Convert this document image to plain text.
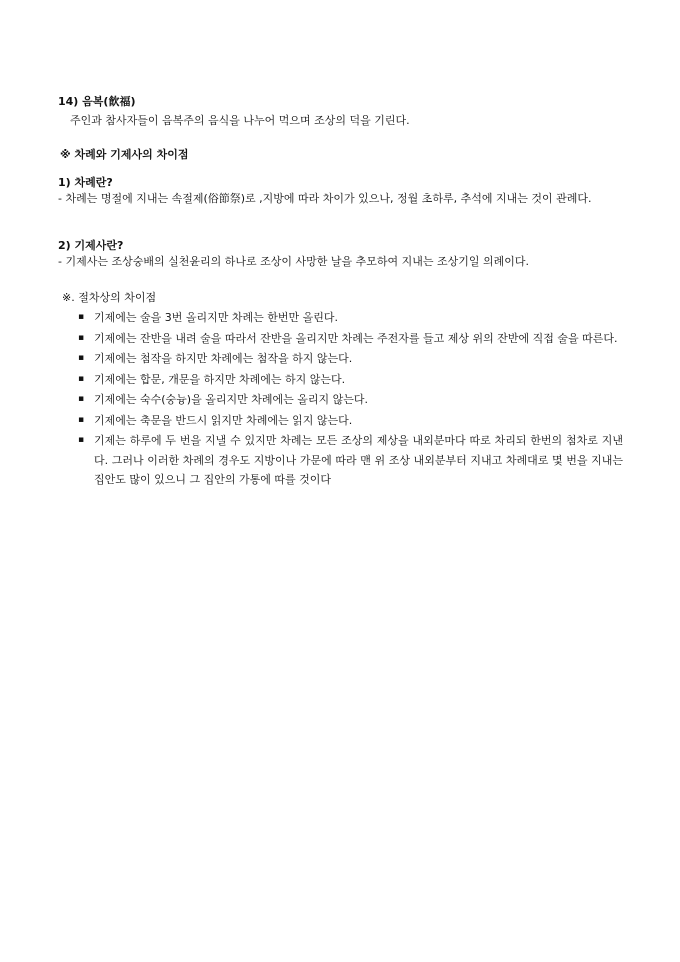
14) 음복(飮福)
주인과 참사자들이 음복주의 음식을 나누어 먹으며 조상의 덕을 기린다.
※ 차례와 기제사의 차이점
1) 차례란?
- 차례는 명절에 지내는 속절제(俗節祭)로 ,지방에 따라 차이가 있으나, 정월 초하루, 추석에 지내는 것이 관례다.
2) 기제사란?
- 기제사는 조상숭배의 실천윤리의 하나로 조상이 사망한 날을 추모하여 지내는 조상기일 의례이다.
※. 절차상의 차이점
▪ 기제에는 술을 3번 올리지만 차례는 한번만 올린다.
▪ 기제에는 잔반을 내려 술을 따라서 잔반을 올리지만 차례는 주전자를 들고 제상 위의 잔반에 직접 술을 따른다.
▪ 기제에는 첨작을 하지만 차례에는 첨작을 하지 않는다.
▪ 기제에는 합문, 개문을 하지만 차례에는 하지 않는다.
▪ 기제에는 숙수(숭늉)을 올리지만 차례에는 올리지 않는다.
▪ 기제에는 축문을 반드시 읽지만 차례에는 읽지 않는다.
▪ 기제는 하루에 두 번을 지낼 수 있지만 차례는 모든 조상의 제상을 내외분마다 따로 차리되 한번의 첨차로 지낸다. 그러나 이러한 차례의 경우도 지방이나 가문에 따라 맨 위 조상 내외분부터 지내고 차례대로 몇 번을 지내는 집안도 많이 있으니 그 집안의 가통에 따를 것이다
